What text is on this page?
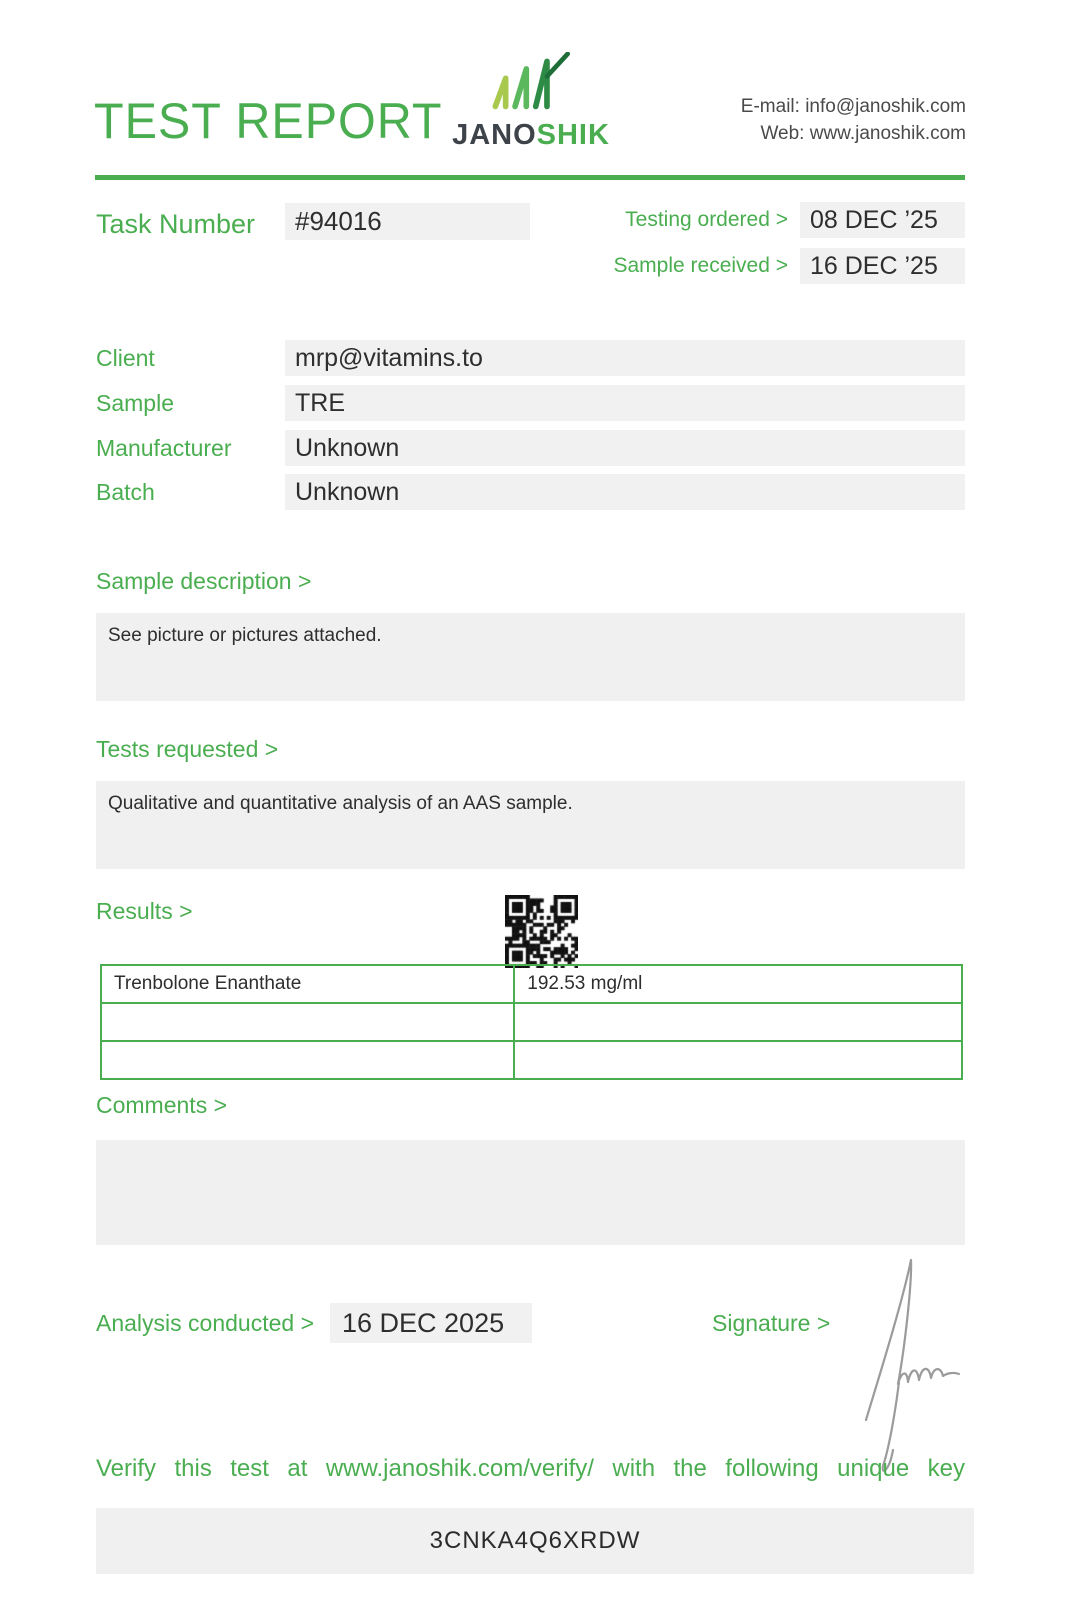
TEST REPORT JANOSHIK
E-mail: info@janoshik.com
Web: www.janoshik.com
Task Number	#94016	Testing ordered > 08 DEC ’25
Sample received > 16 DEC ’25
Client	mrp@vitamins.to
Sample	TRE
Manufacturer	Unknown
Batch	Unknown
Sample description >
See picture or pictures attached.
Tests requested >
Qualitative and quantitative analysis of an AAS sample.
Results >
Trenbolone Enanthate	192.53 mg/ml

Comments >
Analysis conducted >	16 DEC 2025	Signature >
Verify this test at www.janoshik.com/verify/ with the following unique key
3CNKA4Q6XRDW
